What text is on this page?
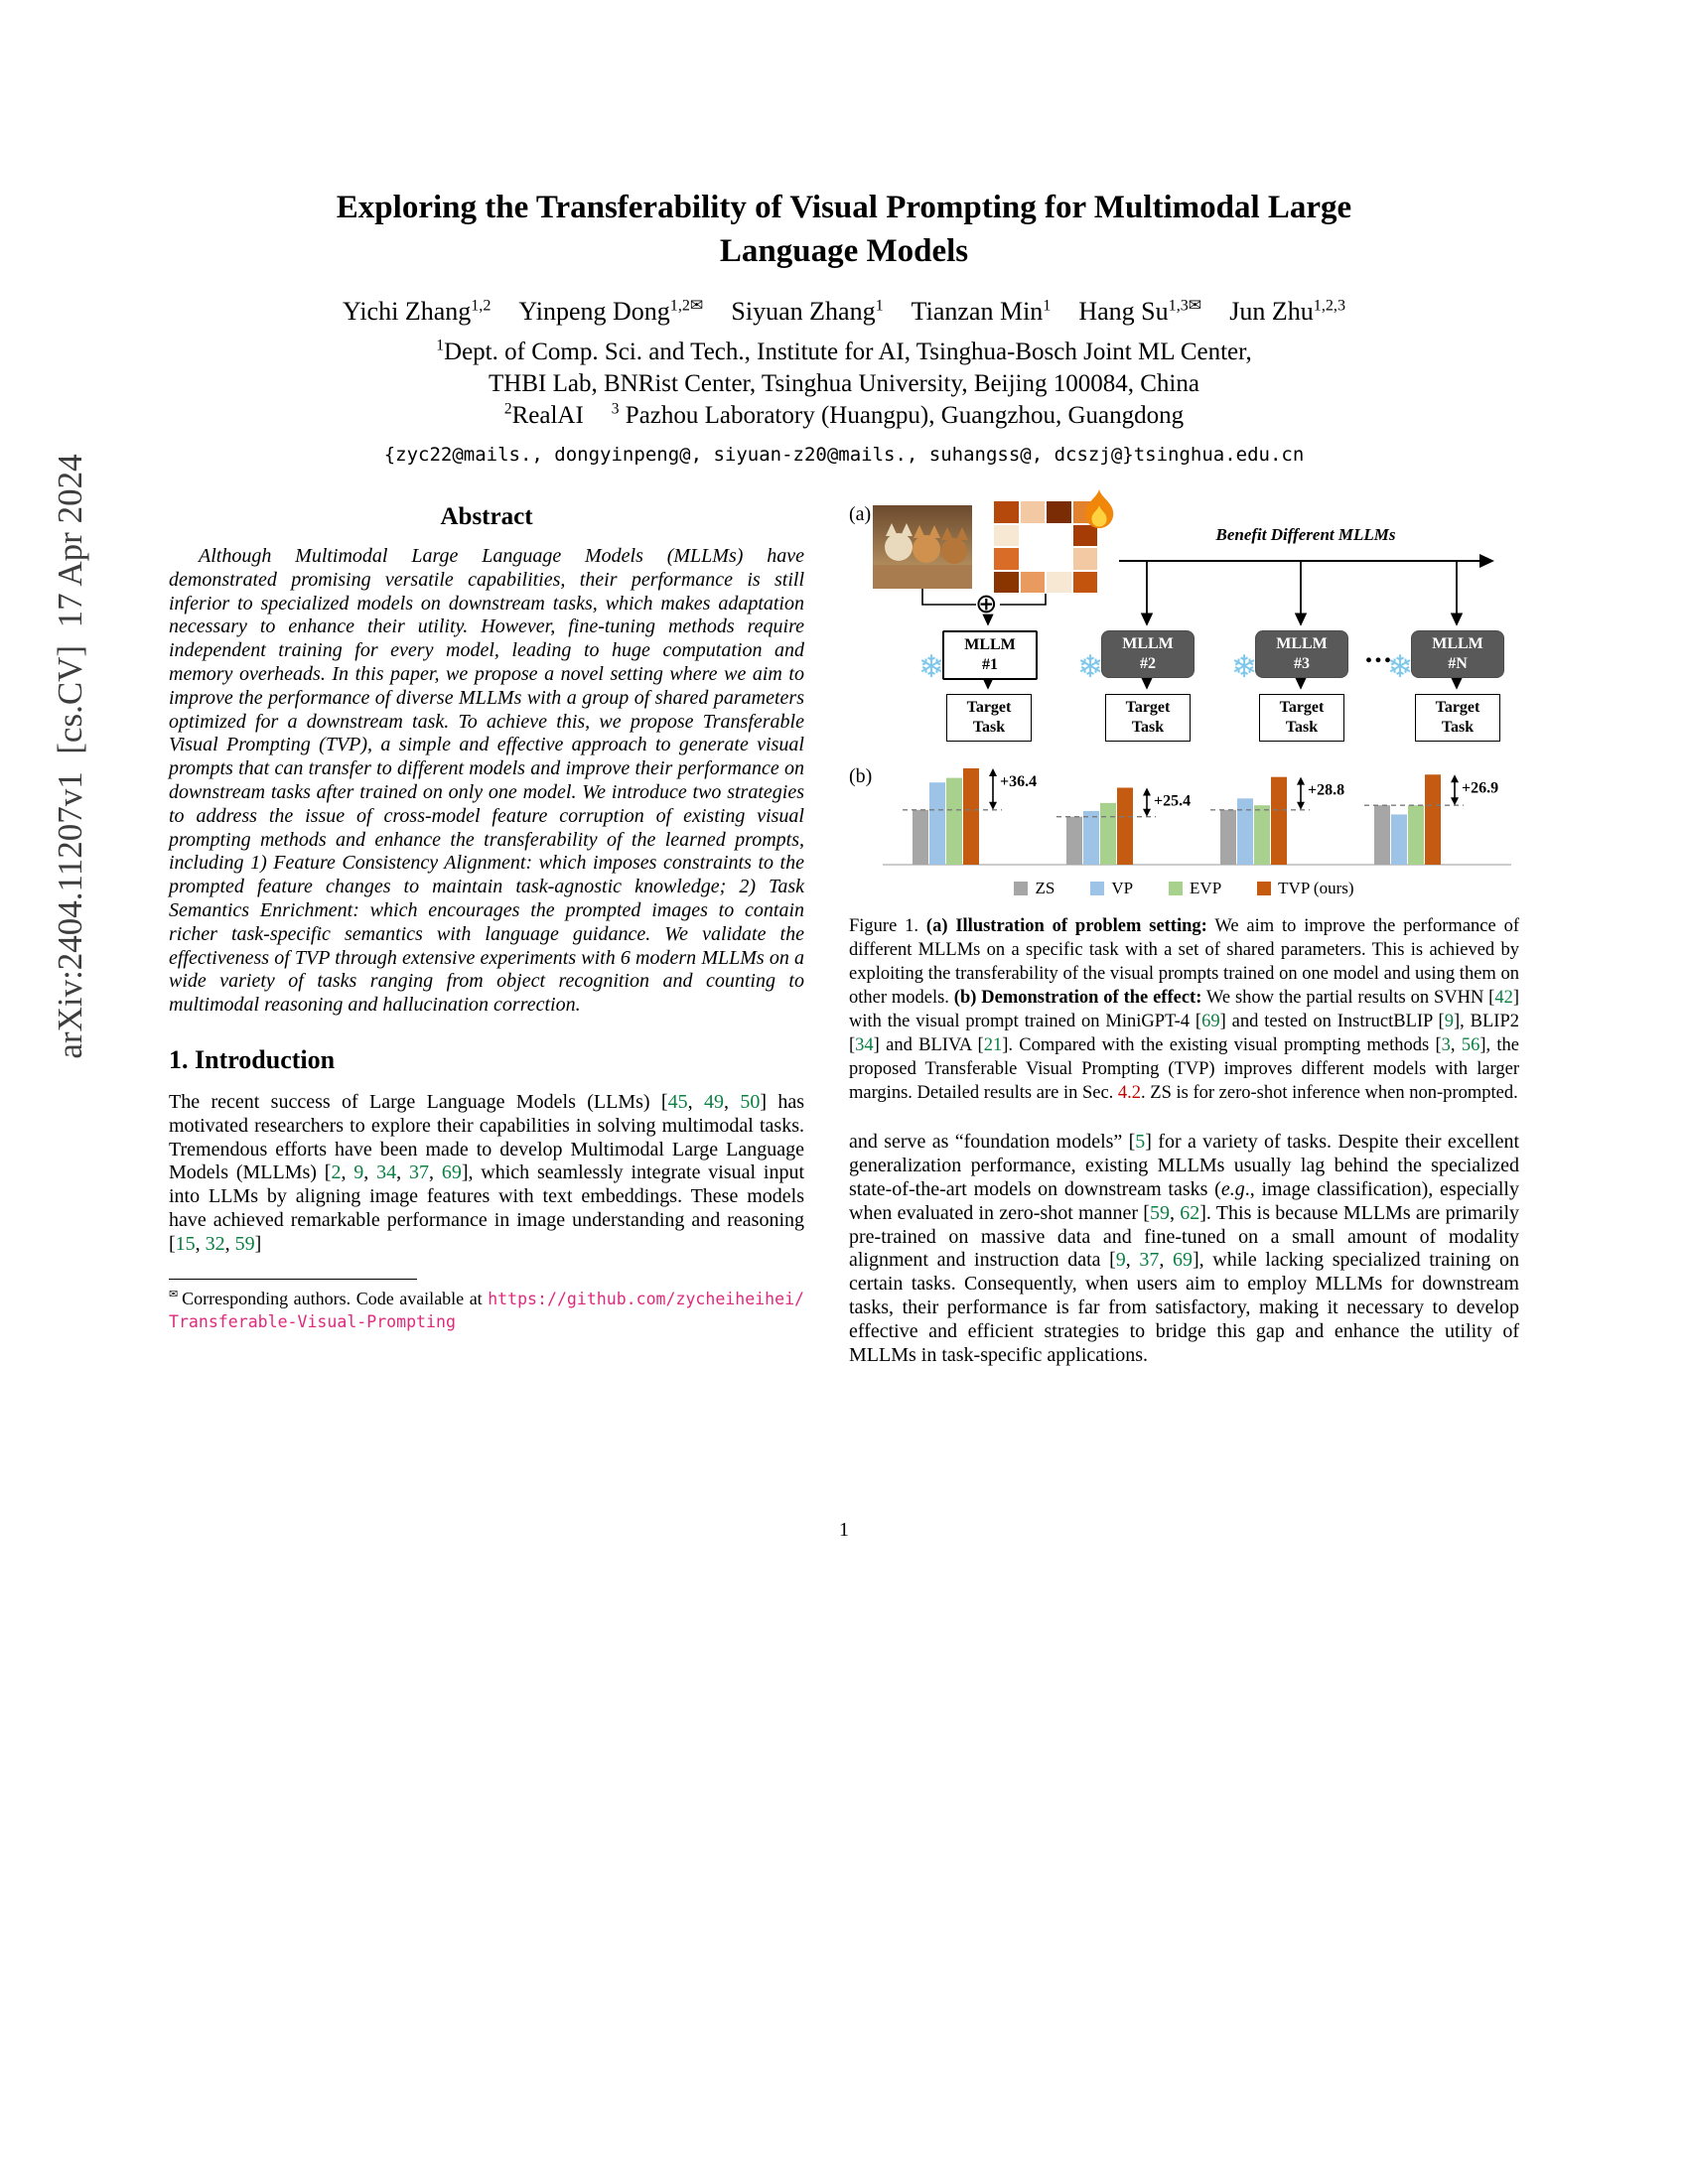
arXiv:2404.11207v1  [cs.CV]  17 Apr 2024
Exploring the Transferability of Visual Prompting for Multimodal Large Language Models
Yichi Zhang$^{1,2}$ Yinpeng Dong$^{1,2✉}$ Siyuan Zhang$^1$ Tianzan Min$^1$ Hang $Su^{1,3✉}$ Jun Zhu$^{1,2,3}$
$^1$Dept. of Comp. Sci. and Tech., Institute for AI, Tsinghua-Bosch Joint ML Center,
THBI Lab, BNRist Center, Tsinghua University, Beijing 100084, China
$^2$RealAI $^3$ Pazhou Laboratory (Huangpu), Guangzhou, Guangdong
{zyc22@mails., dongyinpeng@, siyuan-z20@mails., suhangss@, dcszj@}tsinghua.edu.cn
Abstract

Although Multimodal Large Language Models (MLLMs) have demonstrated promising versatile capabilities, their performance is still inferior to specialized models on downstream tasks, which makes adaptation necessary to enhance their utility. However, fine-tuning methods require independent training for every model, leading to huge computation and memory overheads. In this paper, we propose a novel setting where we aim to improve the performance of diverse MLLMs with a group of shared parameters optimized for a downstream task. To achieve this, we propose Transferable Visual Prompting (TVP), a simple and effective approach to generate visual prompts that can transfer to different models and improve their performance on downstream tasks after trained on only one model. We introduce two strategies to address the issue of cross-model feature corruption of existing visual prompting methods and enhance the transferability of the learned prompts, including 1) Feature Consistency Alignment: which imposes constraints to the prompted feature changes to maintain task-agnostic knowledge; 2) Task Semantics Enrichment: which encourages the prompted images to contain richer task-specific semantics with language guidance. We validate the effectiveness of TVP through extensive experiments with 6 modern MLLMs on a wide variety of tasks ranging from object recognition and counting to multimodal reasoning and hallucination correction.

1. Introduction

The recent success of Large Language Models (LLMs) [45, 49, 50] has motivated researchers to explore their capabilities in solving multimodal tasks. Tremendous efforts have been made to develop Multimodal Large Language Models (MLLMs) [2, 9, 34, 37, 69], which seamlessly integrate visual input into LLMs by aligning image features with text embeddings. These models have achieved remarkable performance in image understanding and reasoning [15, 32, 59]

✉ Corresponding authors. Code available at https://github.com/zycheiheihei/Transferable-Visual-Prompting

(a)
⊕
Benefit Different MLLMs
MLLM
#1
MLLM
#2
MLLM
#3	...	MLLM
#N
❄	❄	❄	❄
Target
Task
Target
Task
Target
Task
Target
Task
(b)	+36.4
+25.4
+28.8	+26.9
ZS	VP	EVP	TVP (ours)

Figure 1. (a) Illustration of problem setting: We aim to improve the performance of different MLLMs on a specific task with a set of shared parameters. This is achieved by exploiting the transferability of the visual prompts trained on one model and using them on other models. (b) Demonstration of the effect: We show the partial results on SVHN [42] with the visual prompt trained on MiniGPT-4 [69] and tested on InstructBLIP [9], BLIP2 [34] and BLIVA [21]. Compared with the existing visual prompting methods [3, 56], the proposed Transferable Visual Prompting (TVP) improves different models with larger margins. Detailed results are in Sec. 4.2. ZS is for zero-shot inference when non-prompted.

and serve as “foundation models” [5] for a variety of tasks. Despite their excellent generalization performance, existing MLLMs usually lag behind the specialized state-of-the-art models on downstream tasks (e.g., image classification), especially when evaluated in zero-shot manner [59, 62]. This is because MLLMs are primarily pre-trained on massive data and fine-tuned on a small amount of modality alignment and instruction data [9, 37, 69], while lacking specialized training on certain tasks. Consequently, when users aim to employ MLLMs for downstream tasks, their performance is far from satisfactory, making it necessary to develop effective and efficient strategies to bridge this gap and enhance the utility of MLLMs in task-specific applications.

1
